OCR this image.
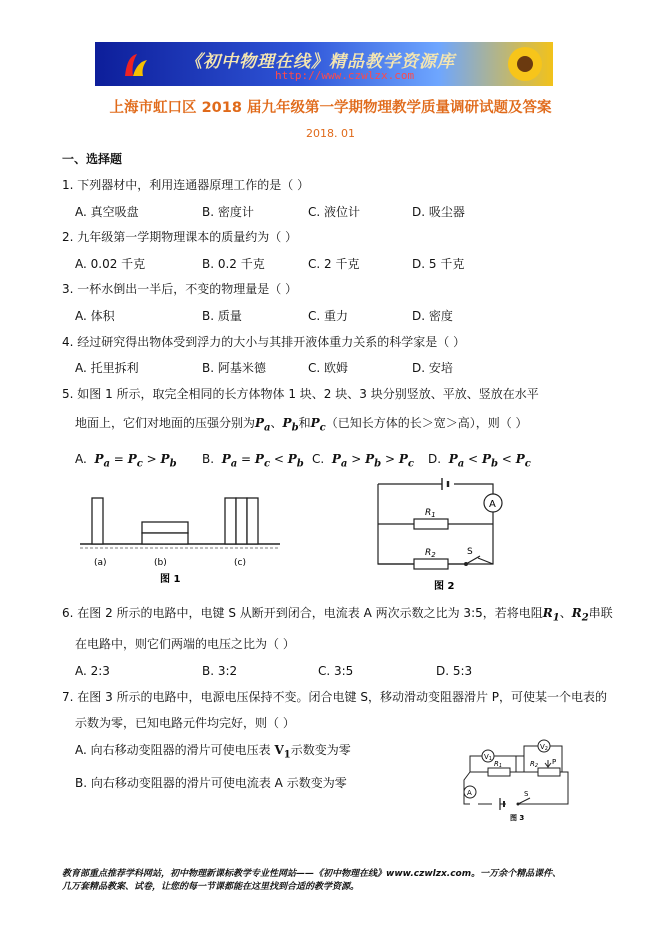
《初中物理在线》精品教学资源库
http://www.czwlzx.com
上海市虹口区 2018 届九年级第一学期物理教学质量调研试题及答案
2018. 01
一、选择题
1. 下列器材中，利用连通器原理工作的是（ ）
A. 真空吸盘	B. 密度计	C. 液位计	D. 吸尘器
2. 九年级第一学期物理课本的质量约为（ ）
A. 0.02 千克	B. 0.2 千克	C. 2 千克	D. 5 千克
3. 一杯水倒出一半后，不变的物理量是（ ）
A. 体积	B. 质量	C. 重力	D. 密度
4. 经过研究得出物体受到浮力的大小与其排开液体重力关系的科学家是（ ）
A. 托里拆利	B. 阿基米德	C. 欧姆	D. 安培
5. 如图 1 所示，取完全相同的长方体物体 1 块、2 块、3 块分别竖放、平放、竖放在水平
地面上，它们对地面的压强分别为$P_a$、$P_b$和$P_c$（已知长方体的长＞宽＞高），则（ ）
A. $P_a = P_c > P_b$ B. $P_a = P_c < P_b$ C. $P_a > P_b > P_c$ D. $P_a < P_b < P_c$
(a)	(b)	(c)
图 1
A
$R_1$
$R_2$	S
图 2
6. 在图 2 所示的电路中，电键 S 从断开到闭合，电流表 A 两次示数之比为 3:5，若将电阻$R_1$、$R_2$串联
在电路中，则它们两端的电压之比为（ ）
A. 2:3	B. 3:2	C. 3:5	D. 5:3
7. 在图 3 所示的电路中，电源电压保持不变。闭合电键 S，移动滑动变阻器滑片 P，可使某一个电表的
示数为零，已知电路元件均完好，则（ ）
A. 向右移动变阻器的滑片可使电压表 $V_1$示数变为零
B. 向右移动变阻器的滑片可使电流表 A 示数变为零
V1
V2
R1	R2 P
A	S
图 3
教育部重点推荐学科网站，初中物理新课标教学专业性网站——《初中物理在线》www.czwlzx.com。一万余个精品课件、
几万套精品教案、试卷，让您的每一节课都能在这里找到合适的教学资源。
